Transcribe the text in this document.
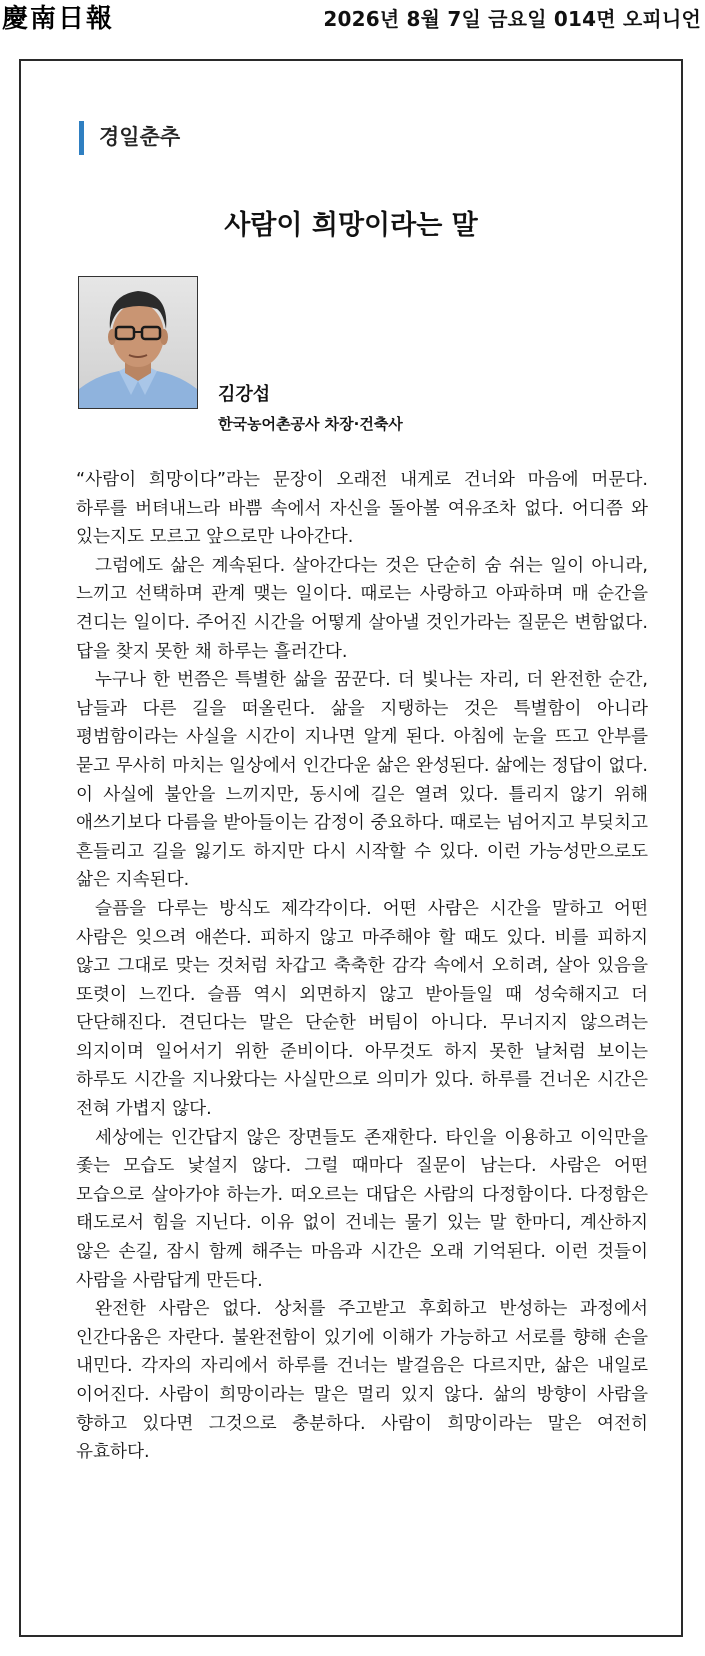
慶南日報	2026년 8월 7일 금요일 014면 오피니언
경일춘추
사람이 희망이라는 말
김강섭
한국농어촌공사 차장·건축사

“사람이 희망이다”라는 문장이 오래전 내게로 건너와 마음에 머문다. 하루를 버텨내느라 바쁨 속에서 자신을 돌아볼 여유조차 없다. 어디쯤 와 있는지도 모르고 앞으로만 나아간다.

그럼에도 삶은 계속된다. 살아간다는 것은 단순히 숨 쉬는 일이 아니라, 느끼고 선택하며 관계 맺는 일이다. 때로는 사랑하고 아파하며 매 순간을 견디는 일이다. 주어진 시간을 어떻게 살아낼 것인가라는 질문은 변함없다. 답을 찾지 못한 채 하루는 흘러간다.

누구나 한 번쯤은 특별한 삶을 꿈꾼다. 더 빛나는 자리, 더 완전한 순간, 남들과 다른 길을 떠올린다. 삶을 지탱하는 것은 특별함이 아니라 평범함이라는 사실을 시간이 지나면 알게 된다. 아침에 눈을 뜨고 안부를 묻고 무사히 마치는 일상에서 인간다운 삶은 완성된다. 삶에는 정답이 없다. 이 사실에 불안을 느끼지만, 동시에 길은 열려 있다. 틀리지 않기 위해 애쓰기보다 다름을 받아들이는 감정이 중요하다. 때로는 넘어지고 부딪치고 흔들리고 길을 잃기도 하지만 다시 시작할 수 있다. 이런 가능성만으로도 삶은 지속된다.

슬픔을 다루는 방식도 제각각이다. 어떤 사람은 시간을 말하고 어떤 사람은 잊으려 애쓴다. 피하지 않고 마주해야 할 때도 있다. 비를 피하지 않고 그대로 맞는 것처럼 차갑고 축축한 감각 속에서 오히려, 살아 있음을 또렷이 느낀다. 슬픔 역시 외면하지 않고 받아들일 때 성숙해지고 더 단단해진다. 견딘다는 말은 단순한 버팀이 아니다. 무너지지 않으려는 의지이며 일어서기 위한 준비이다. 아무것도 하지 못한 날처럼 보이는 하루도 시간을 지나왔다는 사실만으로 의미가 있다. 하루를 건너온 시간은 전혀 가볍지 않다.

세상에는 인간답지 않은 장면들도 존재한다. 타인을 이용하고 이익만을 좇는 모습도 낯설지 않다. 그럴 때마다 질문이 남는다. 사람은 어떤 모습으로 살아가야 하는가. 떠오르는 대답은 사람의 다정함이다. 다정함은 태도로서 힘을 지닌다. 이유 없이 건네는 물기 있는 말 한마디, 계산하지 않은 손길, 잠시 함께 해주는 마음과 시간은 오래 기억된다. 이런 것들이 사람을 사람답게 만든다.

완전한 사람은 없다. 상처를 주고받고 후회하고 반성하는 과정에서 인간다움은 자란다. 불완전함이 있기에 이해가 가능하고 서로를 향해 손을 내민다. 각자의 자리에서 하루를 건너는 발걸음은 다르지만, 삶은 내일로 이어진다. 사람이 희망이라는 말은 멀리 있지 않다. 삶의 방향이 사람을 향하고 있다면 그것으로 충분하다. 사람이 희망이라는 말은 여전히 유효하다.
